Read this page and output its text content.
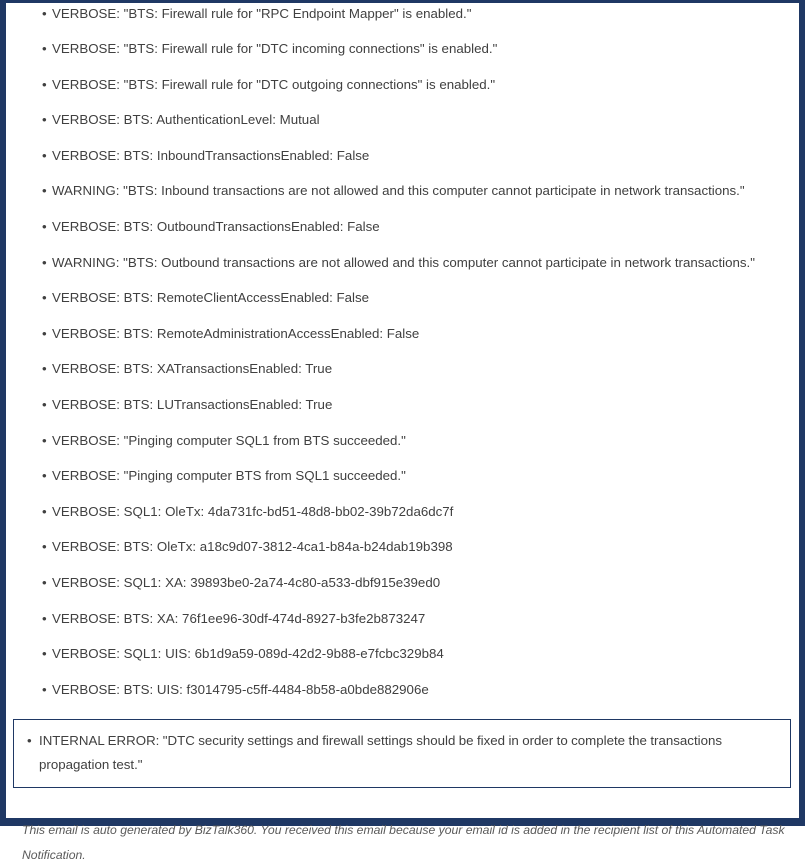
• VERBOSE: "BTS: Firewall rule for "RPC Endpoint Mapper" is enabled."
• VERBOSE: "BTS: Firewall rule for "DTC incoming connections" is enabled."
• VERBOSE: "BTS: Firewall rule for "DTC outgoing connections" is enabled."
• VERBOSE: BTS: AuthenticationLevel: Mutual
• VERBOSE: BTS: InboundTransactionsEnabled: False
• WARNING: "BTS: Inbound transactions are not allowed and this computer cannot participate in network transactions."
• VERBOSE: BTS: OutboundTransactionsEnabled: False
• WARNING: "BTS: Outbound transactions are not allowed and this computer cannot participate in network transactions."
• VERBOSE: BTS: RemoteClientAccessEnabled: False
• VERBOSE: BTS: RemoteAdministrationAccessEnabled: False
• VERBOSE: BTS: XATransactionsEnabled: True
• VERBOSE: BTS: LUTransactionsEnabled: True
• VERBOSE: "Pinging computer SQL1 from BTS succeeded."
• VERBOSE: "Pinging computer BTS from SQL1 succeeded."
• VERBOSE: SQL1: OleTx: 4da731fc-bd51-48d8-bb02-39b72da6dc7f
• VERBOSE: BTS: OleTx: a18c9d07-3812-4ca1-b84a-b24dab19b398
• VERBOSE: SQL1: XA: 39893be0-2a74-4c80-a533-dbf915e39ed0
• VERBOSE: BTS: XA: 76f1ee96-30df-474d-8927-b3fe2b873247
• VERBOSE: SQL1: UIS: 6b1d9a59-089d-42d2-9b88-e7fcbc329b84
• VERBOSE: BTS: UIS: f3014795-c5ff-4484-8b58-a0bde882906e
• INTERNAL ERROR: "DTC security settings and firewall settings should be fixed in order to complete the transactions propagation test."
This email is auto generated by BizTalk360. You received this email because your email id is added in the recipient list of this Automated Task Notification.
